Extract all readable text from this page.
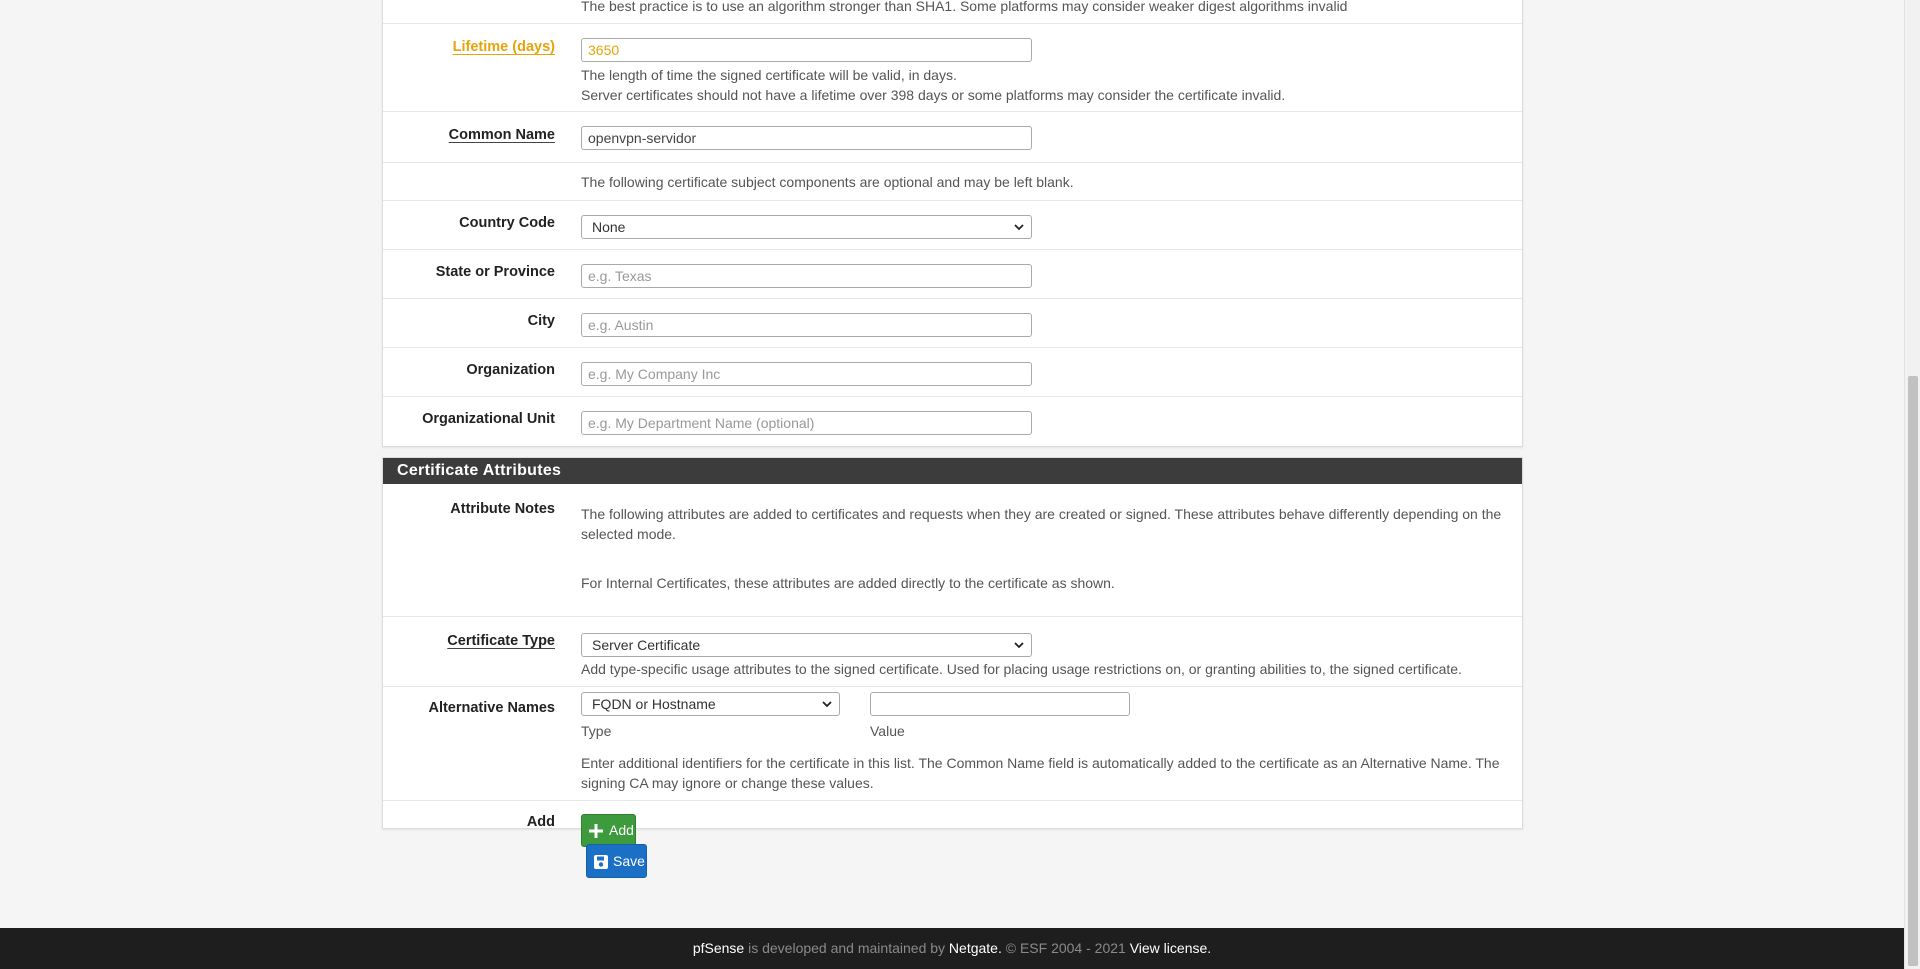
The best practice is to use an algorithm stronger than SHA1. Some platforms may consider weaker digest algorithms invalid
Lifetime (days)	3650
The length of time the signed certificate will be valid, in days.
Server certificates should not have a lifetime over 398 days or some platforms may consider the certificate invalid.
Common Name	openvpn-servidor
The following certificate subject components are optional and may be left blank.
Country Code	None
State or Province	e.g. Texas
City	e.g. Austin
Organization	e.g. My Company Inc
Organizational Unit	e.g. My Department Name (optional)
Certificate Attributes
Attribute Notes The following attributes are added to certificates and requests when they are created or signed. These attributes behave differently depending on the selected mode.
For Internal Certificates, these attributes are added directly to the certificate as shown.
Certificate Type	Server Certificate
Add type-specific usage attributes to the signed certificate. Used for placing usage restrictions on, or granting abilities to, the signed certificate.
Alternative Names	FQDN or Hostname
Type	Value
Enter additional identifiers for the certificate in this list. The Common Name field is automatically added to the certificate as an Alternative Name. The signing CA may ignore or change these values.
Add	Add
Save
pfSense is developed and maintained by Netgate. © ESF 2004 - 2021 View license.
